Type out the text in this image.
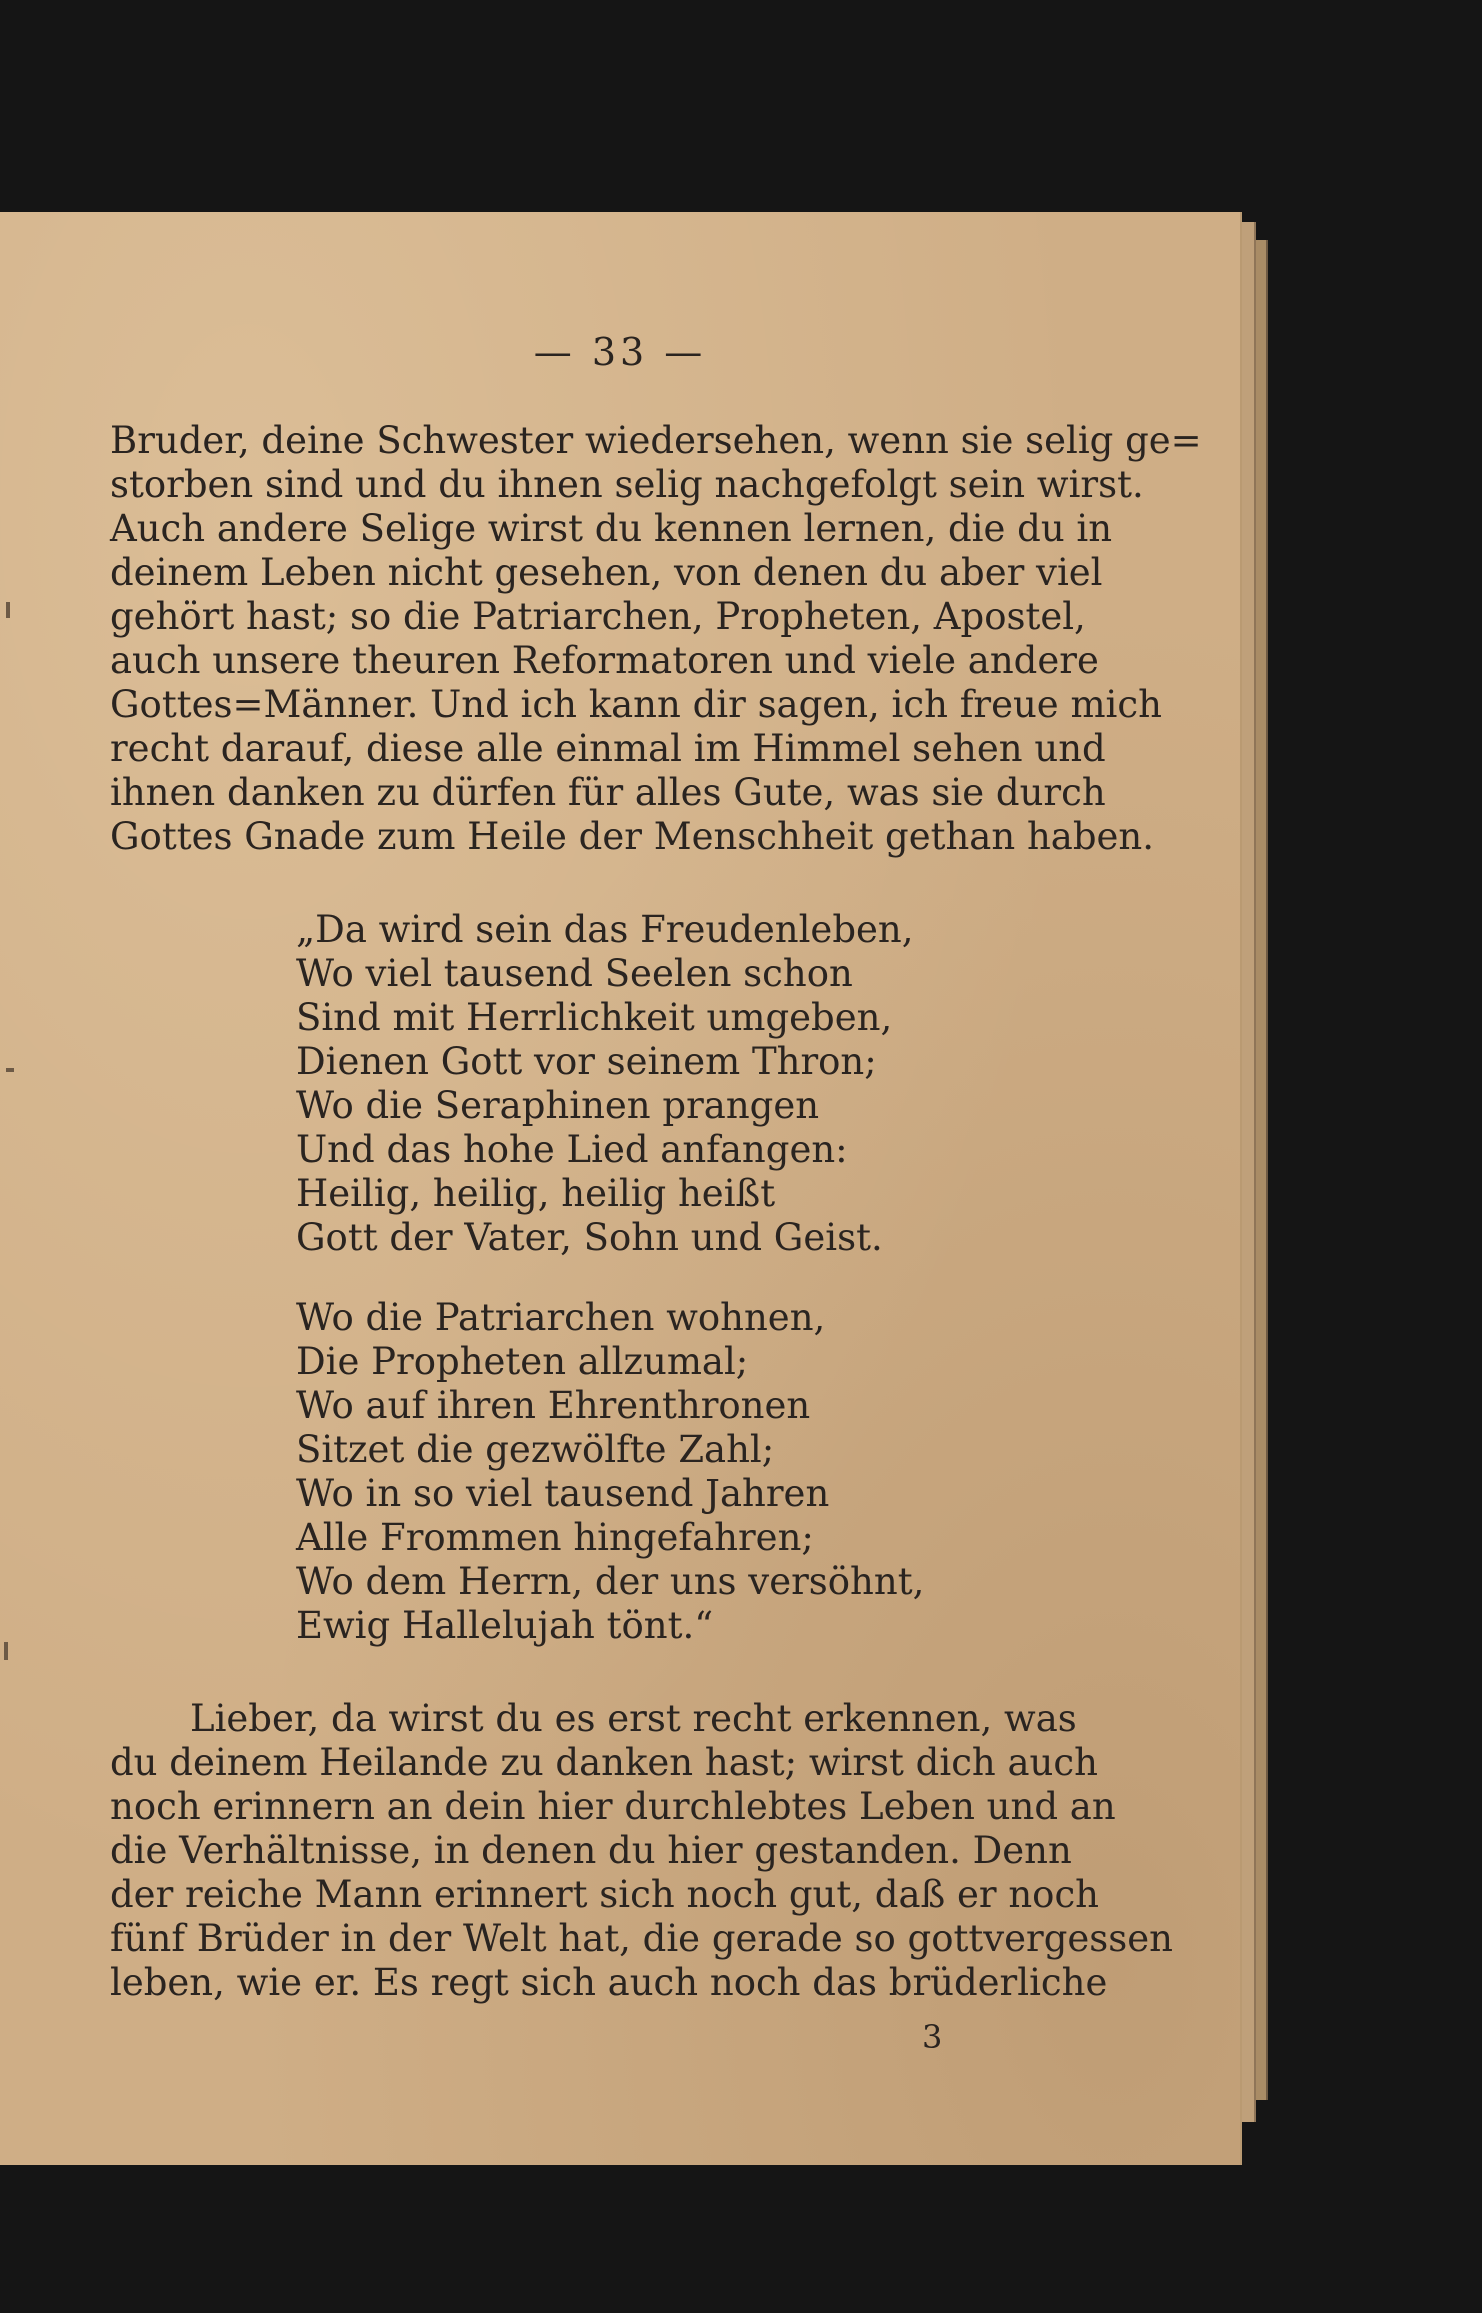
— 33 —
Bruder, deine Schwester wiedersehen, wenn sie selig ge=
storben sind und du ihnen selig nachgefolgt sein wirst.
Auch andere Selige wirst du kennen lernen, die du in
deinem Leben nicht gesehen, von denen du aber viel
gehört hast; so die Patriarchen, Propheten, Apostel,
auch unsere theuren Reformatoren und viele andere
Gottes=Männer. Und ich kann dir sagen, ich freue mich
recht darauf, diese alle einmal im Himmel sehen und
ihnen danken zu dürfen für alles Gute, was sie durch
Gottes Gnade zum Heile der Menschheit gethan haben.
„Da wird sein das Freudenleben,
Wo viel tausend Seelen schon
Sind mit Herrlichkeit umgeben,
Dienen Gott vor seinem Thron;
Wo die Seraphinen prangen
Und das hohe Lied anfangen:
Heilig, heilig, heilig heißt
Gott der Vater, Sohn und Geist.
Wo die Patriarchen wohnen,
Die Propheten allzumal;
Wo auf ihren Ehrenthronen
Sitzet die gezwölfte Zahl;
Wo in so viel tausend Jahren
Alle Frommen hingefahren;
Wo dem Herrn, der uns versöhnt,
Ewig Hallelujah tönt.“
Lieber, da wirst du es erst recht erkennen, was
du deinem Heilande zu danken hast; wirst dich auch
noch erinnern an dein hier durchlebtes Leben und an
die Verhältnisse, in denen du hier gestanden. Denn
der reiche Mann erinnert sich noch gut, daß er noch
fünf Brüder in der Welt hat, die gerade so gottvergessen
leben, wie er. Es regt sich auch noch das brüderliche
3
